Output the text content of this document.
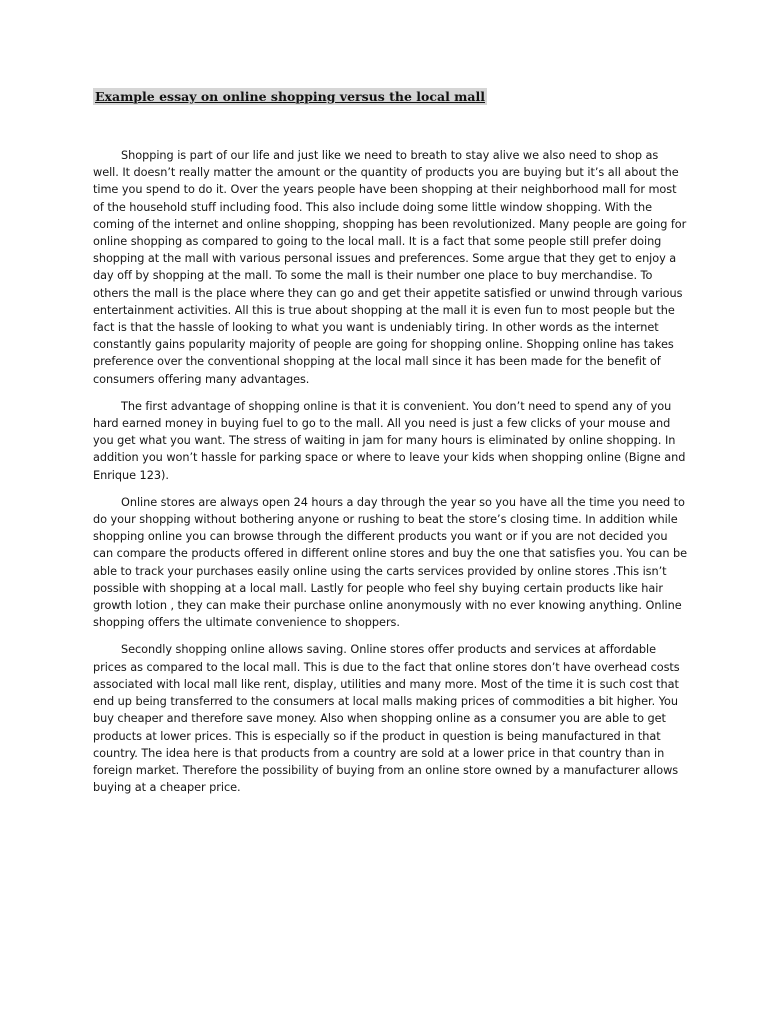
Example essay on online shopping versus the local mall

Shopping is part of our life and just like we need to breath to stay alive we also need to shop as well. It doesn’t really matter the amount or the quantity of products you are buying but it’s all about the time you spend to do it. Over the years people have been shopping at their neighborhood mall for most of the household stuff including food. This also include doing some little window shopping. With the coming of the internet and online shopping, shopping has been revolutionized. Many people are going for online shopping as compared to going to the local mall. It is a fact that some people still prefer doing shopping at the mall with various personal issues and preferences. Some argue that they get to enjoy a day off by shopping at the mall. To some the mall is their number one place to buy merchandise. To others the mall is the place where they can go and get their appetite satisfied or unwind through various entertainment activities. All this is true about shopping at the mall it is even fun to most people but the fact is that the hassle of looking to what you want is undeniably tiring. In other words as the internet constantly gains popularity majority of people are going for shopping online. Shopping online has takes preference over the conventional shopping at the local mall since it has been made for the benefit of consumers offering many advantages.

The first advantage of shopping online is that it is convenient. You don’t need to spend any of you hard earned money in buying fuel to go to the mall. All you need is just a few clicks of your mouse and you get what you want. The stress of waiting in jam for many hours is eliminated by online shopping. In addition you won’t hassle for parking space or where to leave your kids when shopping online (Bigne and Enrique 123).

Online stores are always open 24 hours a day through the year so you have all the time you need to do your shopping without bothering anyone or rushing to beat the store’s closing time. In addition while shopping online you can browse through the different products you want or if you are not decided you can compare the products offered in different online stores and buy the one that satisfies you. You can be able to track your purchases easily online using the carts services provided by online stores .This isn’t possible with shopping at a local mall. Lastly for people who feel shy buying certain products like hair growth lotion , they can make their purchase online anonymously with no ever knowing anything. Online shopping offers the ultimate convenience to shoppers.

Secondly shopping online allows saving. Online stores offer products and services at affordable prices as compared to the local mall. This is due to the fact that online stores don’t have overhead costs associated with local mall like rent, display, utilities and many more. Most of the time it is such cost that end up being transferred to the consumers at local malls making prices of commodities a bit higher. You buy cheaper and therefore save money. Also when shopping online as a consumer you are able to get products at lower prices. This is especially so if the product in question is being manufactured in that country. The idea here is that products from a country are sold at a lower price in that country than in foreign market. Therefore the possibility of buying from an online store owned by a manufacturer allows buying at a cheaper price.
